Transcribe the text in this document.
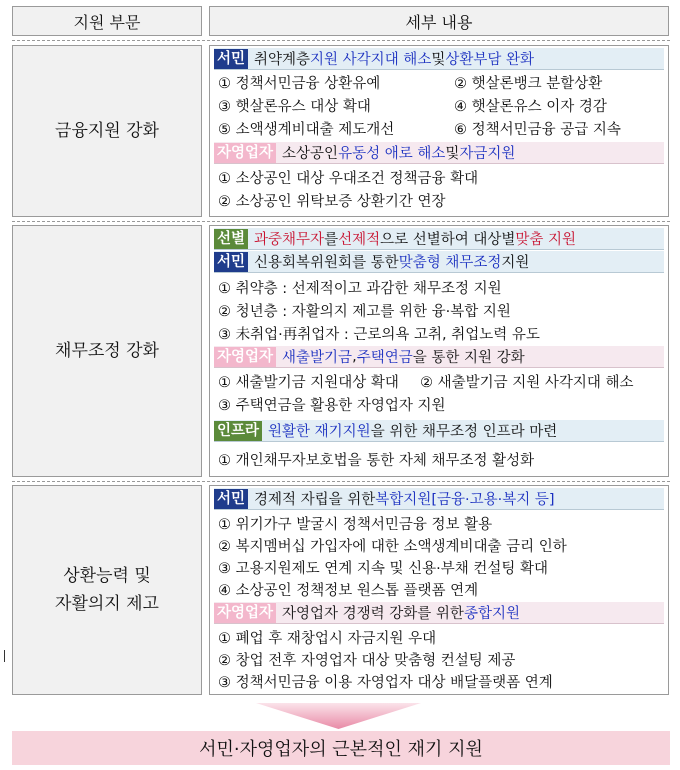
지원 부문	세부 내용
금융지원 강화
서민 취약계층 지원 사각지대 해소 및 상환부담 완화
① 정책서민금융 상환유예	② 햇살론뱅크 분할상환
③ 햇살론유스 대상 확대	④ 햇살론유스 이자 경감
⑤ 소액생계비대출 제도개선	⑥ 정책서민금융 공급 지속
자영업자 소상공인 유동성 애로 해소 및 자금지원
① 소상공인 대상 우대조건 정책금융 확대
② 소상공인 위탁보증 상환기간 연장
채무조정 강화
선별 과중채무자 를 선제적 으로 선별하여 대상별 맞춤 지원
서민 신용회복위원회를 통한 맞춤형 채무조정 지원
① 취약층 : 선제적이고 과감한 채무조정 지원
② 청년층 : 자활의지 제고를 위한 융·복합 지원
③ 未취업·再취업자 : 근로의욕 고취, 취업노력 유도
자영업자 새출발기금 , 주택연금 을 통한 지원 강화
① 새출발기금 지원대상 확대 ② 새출발기금 지원 사각지대 해소
③ 주택연금을 활용한 자영업자 지원
인프라 원활한 재기지원 을 위한 채무조정 인프라 마련
① 개인채무자보호법을 통한 자체 채무조정 활성화
상환능력 및
자활의지 제고
서민 경제적 자립을 위한 복합지원[금융·고용·복지 등]
① 위기가구 발굴시 정책서민금융 정보 활용
② 복지멤버십 가입자에 대한 소액생계비대출 금리 인하
③ 고용지원제도 연계 지속 및 신용·부채 컨설팅 확대
④ 소상공인 정책정보 원스톱 플랫폼 연계
자영업자 자영업자 경쟁력 강화를 위한 종합지원
① 폐업 후 재창업시 자금지원 우대
② 창업 전후 자영업자 대상 맞춤형 컨설팅 제공
③ 정책서민금융 이용 자영업자 대상 배달플랫폼 연계
서민·자영업자의 근본적인 재기 지원
